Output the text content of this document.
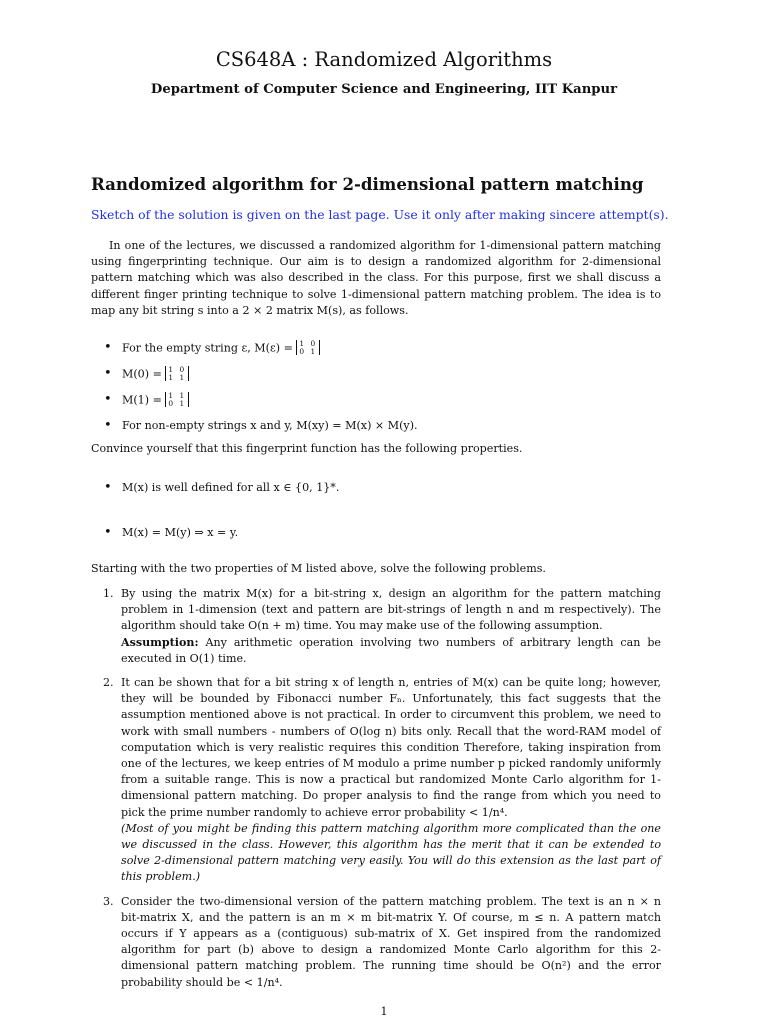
CS648A : Randomized Algorithms
Department of Computer Science and Engineering, IIT Kanpur
Randomized algorithm for 2-dimensional pattern matching
Sketch of the solution is given on the last page. Use it only after making sincere attempt(s).
In one of the lectures, we discussed a randomized algorithm for 1-dimensional pattern matching using fingerprinting technique. Our aim is to design a randomized algorithm for 2-dimensional pattern matching which was also described in the class. For this purpose, first we shall discuss a different finger printing technique to solve 1-dimensional pattern matching problem. The idea is to map any bit string s into a 2 × 2 matrix M(s), as follows.
• For the empty string ε, M(ε) = 1 0
0 1
• M(0) = 1 0
1 1
• M(1) = 1 1
0 1
• For non-empty strings x and y, M(xy) = M(x) × M(y).
Convince yourself that this fingerprint function has the following properties.
• M(x) is well defined for all x ∈ {0, 1}*.
• M(x) = M(y) ⇒ x = y.
Starting with the two properties of M listed above, solve the following problems.
1. By using the matrix M(x) for a bit-string x, design an algorithm for the pattern matching problem in 1-dimension (text and pattern are bit-strings of length n and m respectively). The algorithm should take O(n + m) time. You may make use of the following assumption.
Assumption: Any arithmetic operation involving two numbers of arbitrary length can be executed in O(1) time.
2. It can be shown that for a bit string x of length n, entries of M(x) can be quite long; however, they will be bounded by Fibonacci number Fₙ. Unfortunately, this fact suggests that the assumption mentioned above is not practical. In order to circumvent this problem, we need to work with small numbers - numbers of O(log n) bits only. Recall that the word-RAM model of computation which is very realistic requires this condition Therefore, taking inspiration from one of the lectures, we keep entries of M modulo a prime number p picked randomly uniformly from a suitable range. This is now a practical but randomized Monte Carlo algorithm for 1-dimensional pattern matching. Do proper analysis to find the range from which you need to pick the prime number randomly to achieve error probability < 1/n⁴.
(Most of you might be finding this pattern matching algorithm more complicated than the one we discussed in the class. However, this algorithm has the merit that it can be extended to solve 2-dimensional pattern matching very easily. You will do this extension as the last part of this problem.)
3. Consider the two-dimensional version of the pattern matching problem. The text is an n × n bit-matrix X, and the pattern is an m × m bit-matrix Y. Of course, m ≤ n. A pattern match occurs if Y appears as a (contiguous) sub-matrix of X. Get inspired from the randomized algorithm for part (b) above to design a randomized Monte Carlo algorithm for this 2-dimensional pattern matching problem. The running time should be O(n²) and the error probability should be < 1/n⁴.
1
